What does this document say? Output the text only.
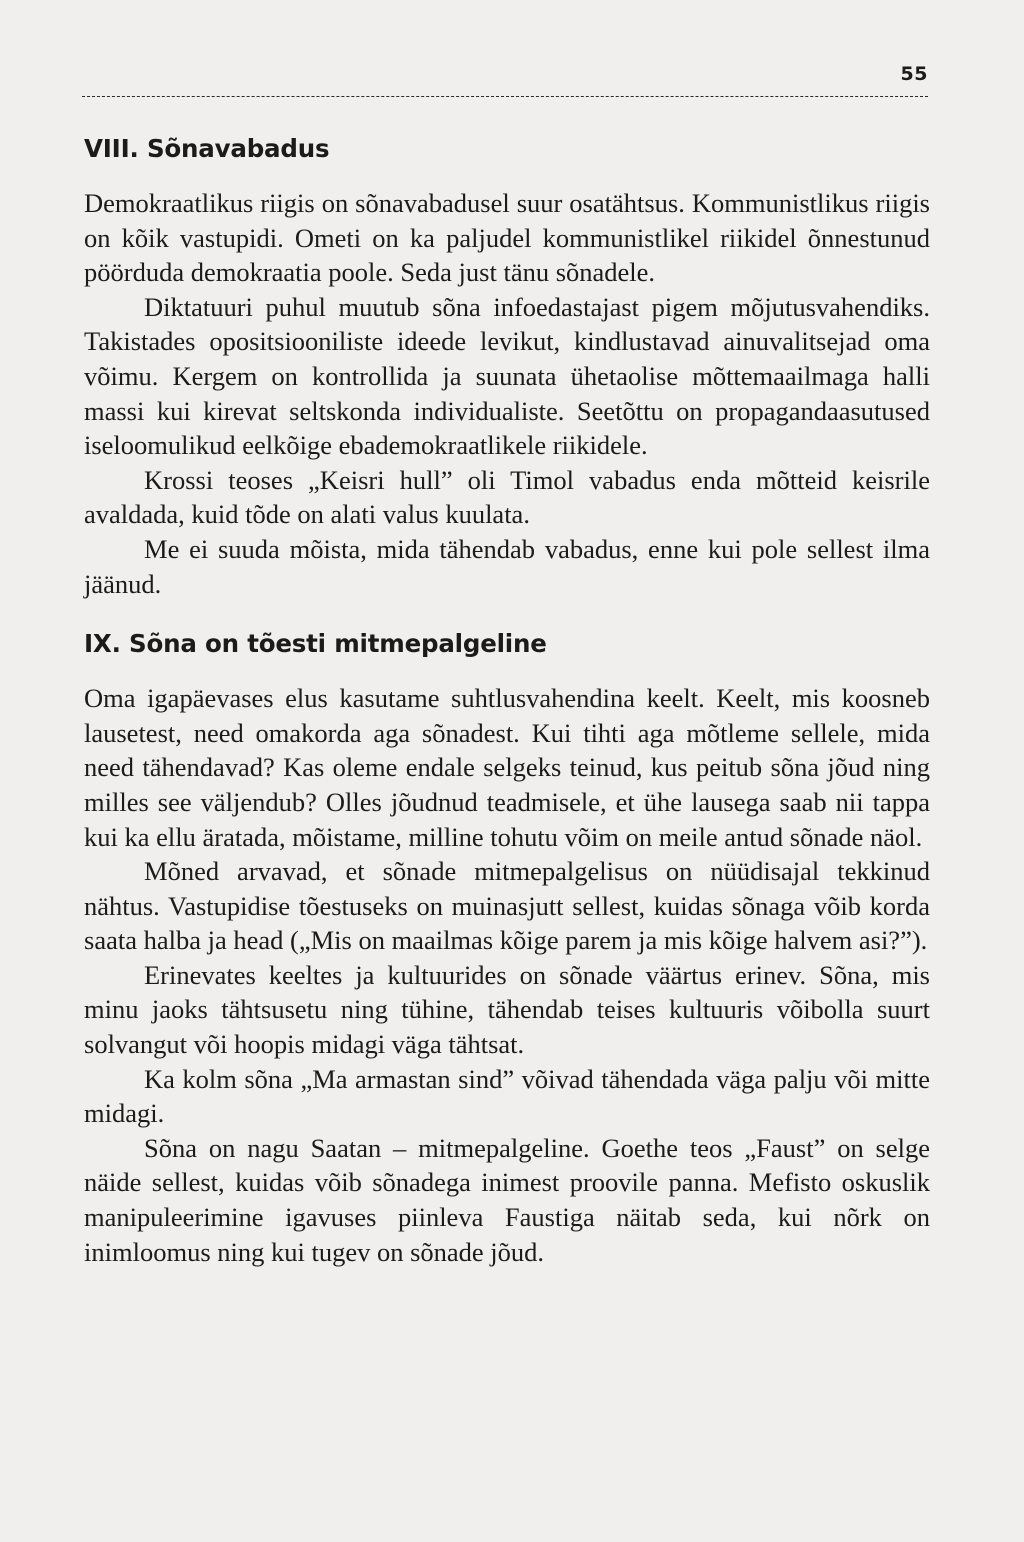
55
VIII. Sõnavabadus

Demokraatlikus riigis on sõnavabadusel suur osatähtsus. Kommunistlikus riigis on kõik vastupidi. Ometi on ka paljudel kommunistlikel riikidel õnnestunud pöörduda demokraatia poole. Seda just tänu sõnadele.

Diktatuuri puhul muutub sõna infoedastajast pigem mõjutusvahendiks. Takistades opositsiooniliste ideede levikut, kindlustavad ainuvalitsejad oma võimu. Kergem on kontrollida ja suunata ühetaolise mõttemaailmaga halli massi kui kirevat seltskonda individualiste. Seetõttu on propagandaasutused iseloomulikud eelkõige ebademokraatlikele riikidele.

Krossi teoses „Keisri hull” oli Timol vabadus enda mõtteid keisrile avaldada, kuid tõde on alati valus kuulata.

Me ei suuda mõista, mida tähendab vabadus, enne kui pole sellest ilma jäänud.

IX. Sõna on tõesti mitmepalgeline

Oma igapäevases elus kasutame suhtlusvahendina keelt. Keelt, mis koosneb lausetest, need omakorda aga sõnadest. Kui tihti aga mõtleme sellele, mida need tähendavad? Kas oleme endale selgeks teinud, kus peitub sõna jõud ning milles see väljendub? Olles jõudnud teadmisele, et ühe lausega saab nii tappa kui ka ellu äratada, mõistame, milline tohutu võim on meile antud sõnade näol.

Mõned arvavad, et sõnade mitmepalgelisus on nüüdisajal tekkinud nähtus. Vastupidise tõestuseks on muinasjutt sellest, kuidas sõnaga võib korda saata halba ja head („Mis on maailmas kõige parem ja mis kõige halvem asi?”).

Erinevates keeltes ja kultuurides on sõnade väärtus erinev. Sõna, mis minu jaoks tähtsusetu ning tühine, tähendab teises kultuuris võibolla suurt solvangut või hoopis midagi väga tähtsat.

Ka kolm sõna „Ma armastan sind” võivad tähendada väga palju või mitte midagi.

Sõna on nagu Saatan – mitmepalgeline. Goethe teos „Faust” on selge näide sellest, kuidas võib sõnadega inimest proovile panna. Mefisto oskuslik manipuleerimine igavuses piinleva Faustiga näitab seda, kui nõrk on inimloomus ning kui tugev on sõnade jõud.
